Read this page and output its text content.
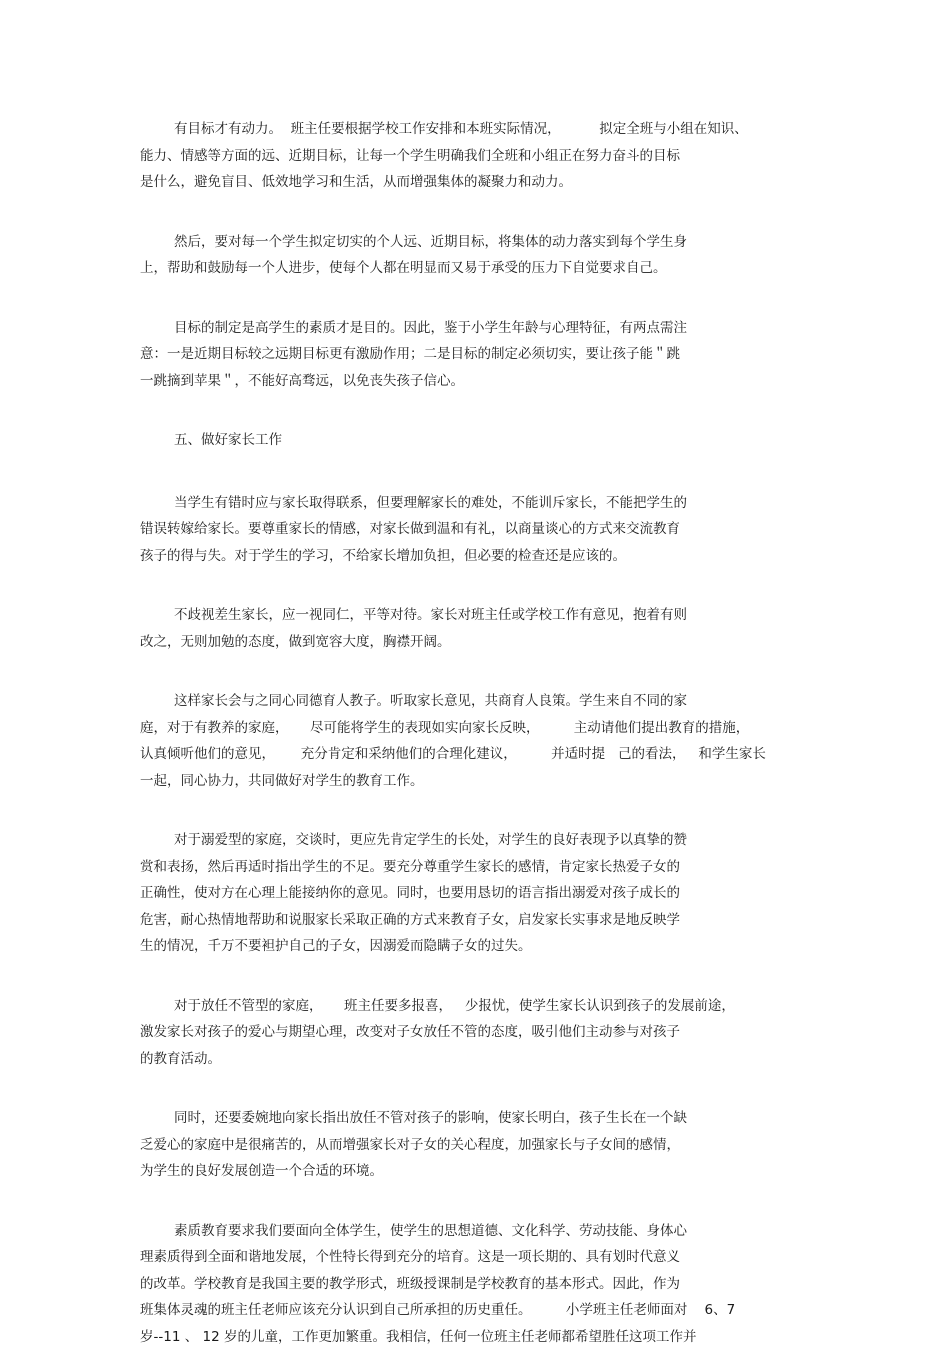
有目标才有动力。  班主任要根据学校工作安排和本班实际情况，         拟定全班与小组在知识、
能力、情感等方面的远、近期目标，让每一个学生明确我们全班和小组正在努力奋斗的目标
是什么，避免盲目、低效地学习和生活，从而增强集体的凝聚力和动力。

然后，要对每一个学生拟定切实的个人远、近期目标，将集体的动力落实到每个学生身
上，帮助和鼓励每一个人进步，使每个人都在明显而又易于承受的压力下自觉要求自己。

目标的制定是高学生的素质才是目的。因此，鉴于小学生年龄与心理特征，有两点需注
意：一是近期目标较之远期目标更有激励作用；二是目标的制定必须切实，要让孩子能＂跳
一跳摘到苹果＂，不能好高骛远，以免丧失孩子信心。

五、做好家长工作

当学生有错时应与家长取得联系，但要理解家长的难处，不能训斥家长，不能把学生的
错误转嫁给家长。要尊重家长的情感，对家长做到温和有礼，以商量谈心的方式来交流教育
孩子的得与失。对于学生的学习，不给家长增加负担，但必要的检查还是应该的。

不歧视差生家长，应一视同仁，平等对待。家长对班主任或学校工作有意见，抱着有则
改之，无则加勉的态度，做到宽容大度，胸襟开阔。

这样家长会与之同心同德育人教子。听取家长意见，共商育人良策。学生来自不同的家
庭，对于有教养的家庭，     尽可能将学生的表现如实向家长反映，        主动请他们提出教育的措施，
认真倾听他们的意见，      充分肯定和采纳他们的合理化建议，        并适时提   己的看法，   和学生家长
一起，同心协力，共同做好对学生的教育工作。

对于溺爱型的家庭，交谈时，更应先肯定学生的长处，对学生的良好表现予以真挚的赞
赏和表扬，然后再适时指出学生的不足。要充分尊重学生家长的感情，肯定家长热爱子女的
正确性，使对方在心理上能接纳你的意见。同时，也要用恳切的语言指出溺爱对孩子成长的
危害，耐心热情地帮助和说服家长采取正确的方式来教育子女，启发家长实事求是地反映学
生的情况，千万不要袒护自己的子女，因溺爱而隐瞒子女的过失。

对于放任不管型的家庭，     班主任要多报喜，   少报忧，使学生家长认识到孩子的发展前途，
激发家长对孩子的爱心与期望心理，改变对子女放任不管的态度，吸引他们主动参与对孩子
的教育活动。

同时，还要委婉地向家长指出放任不管对孩子的影响，使家长明白，孩子生长在一个缺
乏爱心的家庭中是很痛苦的，从而增强家长对子女的关心程度，加强家长与子女间的感情，
为学生的良好发展创造一个合适的环境。

素质教育要求我们要面向全体学生，使学生的思想道德、文化科学、劳动技能、身体心
理素质得到全面和谐地发展，个性特长得到充分的培育。这是一项长期的、具有划时代意义
的改革。学校教育是我国主要的教学形式，班级授课制是学校教育的基本形式。因此，作为
班集体灵魂的班主任老师应该充分认识到自己所承担的历史重任。        小学班主任老师面对    6、7
岁--11 、 12 岁的儿童，工作更加繁重。我相信，任何一位班主任老师都希望胜任这项工作并
